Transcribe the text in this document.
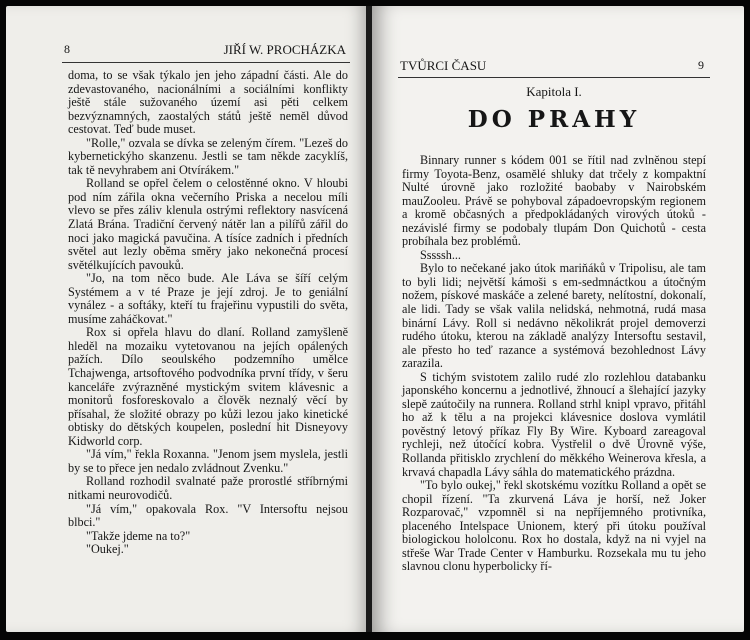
8	JIŘÍ W. PROCHÁZKA

doma, to se však týkalo jen jeho západní části. Ale do zdevastovaného, nacionálními a sociálními konflikty ještě stále sužovaného území asi pěti celkem bezvýznamných, zaostalých států ještě neměl důvod cestovat. Teď bude muset.

"Rolle," ozvala se dívka se zeleným čírem. "Lezeš do kybernetickýho skanzenu. Jestli se tam někde zacyklíš, tak tě nevyhrabem ani Otvírákem."

Rolland se opřel čelem o celostěnné okno. V hloubi pod ním zářila okna večerního Priska a necelou míli vlevo se přes záliv klenula ostrými reflektory nasvícená Zlatá Brána. Tradiční červený nátěr lan a pilířů zářil do noci jako magická pavučina. A tísíce zadních i předních světel aut lezly oběma směry jako nekonečná procesí světélkujících pavouků.

"Jo, na tom něco bude. Ale Láva se šíří celým Systémem a v té Praze je její zdroj. Je to geniální vynález - a softáky, kteří tu frajeřinu vypustili do světa, musíme zaháčkovat."

Rox si opřela hlavu do dlaní. Rolland zamyšleně hleděl na mozaiku vytetovanou na jejích opálených pažích. Dílo seoulského podzemního umělce Tchajwenga, artsoftového podvodníka první třídy, v šeru kanceláře zvýrazněné mystickým svitem klávesnic a monitorů fosforeskovalo a člověk neznalý věcí by přísahal, že složité obrazy po kůži lezou jako kinetické obtisky do dětských koupelen, poslední hit Disneyovy Kidworld corp.

"Já vím," řekla Roxanna. "Jenom jsem myslela, jestli by se to přece jen nedalo zvládnout Zvenku."

Rolland rozhodil svalnaté paže prorostlé stříbrnými nitkami neurovodičů.

"Já vím," opakovala Rox. "V Intersoftu nejsou blbci."

"Takže jdeme na to?"

"Oukej."

TVŮRCI ČASU	9
Kapitola I.
DO PRAHY

Binnary runner s kódem 001 se řítil nad zvlněnou stepí firmy Toyota-Benz, osamělé shluky dat trčely z kompaktní Nulté úrovně jako rozložité baobaby v Nairobském mauZooleu. Právě se pohyboval západoevropským regionem a kromě občasných a předpokládaných virových útoků - nezávislé firmy se podobaly tlupám Don Quichotů - cesta probíhala bez problémů.

Sssssh...

Bylo to nečekané jako útok mariňáků v Tripolisu, ale tam to byli lidi; největší kámoši s em-sedmnáctkou a útočným nožem, pískové maskáče a zelené barety, nelítostní, dokonalí, ale lidi. Tady se však valila nelidská, nehmotná, rudá masa binární Lávy. Roll si nedávno několikrát projel demoverzi rudého útoku, kterou na základě analýzy Intersoftu sestavil, ale přesto ho teď razance a systémová bezohlednost Lávy zarazila.

S tichým svistotem zalilo rudé zlo rozlehlou databanku japonského koncernu a jednotlivé, žhnoucí a šlehající jazyky slepě zaútočily na runnera. Rolland strhl knipl vpravo, přitáhl ho až k tělu a na projekci klávesnice doslova vymlátil pověstný letový příkaz Fly By Wire. Kyboard zareagoval rychleji, než útočící kobra. Vystřelil o dvě Úrovně výše, Rollanda přitisklo zrychlení do měkkého Weinerova křesla, a krvavá chapadla Lávy sáhla do matematického prázdna.

"To bylo oukej," řekl skotskému vozítku Rolland a opět se chopil řízení. "Ta zkurvená Láva je horší, než Joker Rozparovač," vzpomněl si na nepříjemného protivníka, placeného Intelspace Unionem, který při útoku používal biologickou hololconu. Rox ho dostala, když na ni vyjel na střeše War Trade Center v Hamburku. Rozsekala mu tu jeho slavnou clonu hyperbolicky ří-
